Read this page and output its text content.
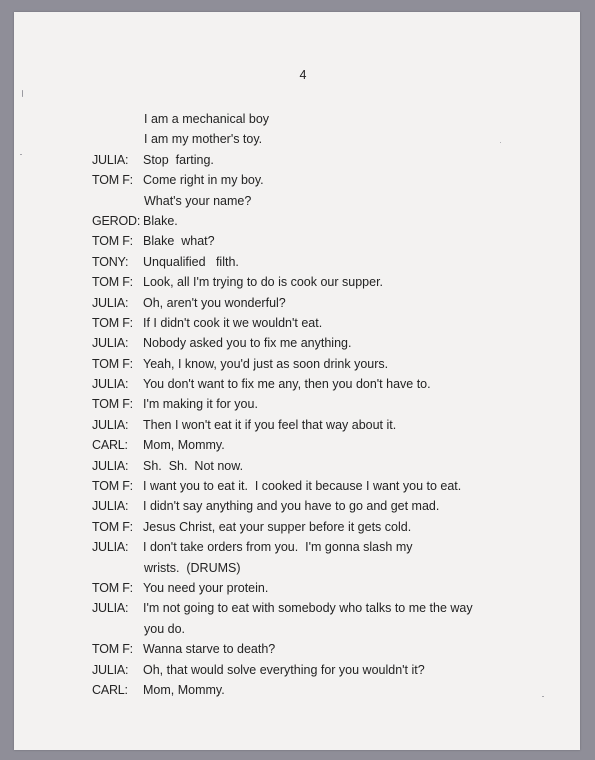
4
I am a mechanical boy
I am my mother's toy.
JULIA:	Stop  farting.
TOM F: Come right in my boy.
What's your name?
GEROD: Blake.
TOM F: Blake  what?
TONY:	Unqualified   filth.
TOM F: Look, all I'm trying to do is cook our supper.
JULIA:	Oh, aren't you wonderful?
TOM F: If I didn't cook it we wouldn't eat.
JULIA:	Nobody asked you to fix me anything.
TOM F: Yeah, I know, you'd just as soon drink yours.
JULIA:	You don't want to fix me any, then you don't have to.
TOM F: I'm making it for you.
JULIA:	Then I won't eat it if you feel that way about it.
CARL:	Mom, Mommy.
JULIA:	Sh.  Sh.  Not now.
TOM F: I want you to eat it.  I cooked it because I want you to eat.
JULIA:	I didn't say anything and you have to go and get mad.
TOM F: Jesus Christ, eat your supper before it gets cold.
JULIA:	I don't take orders from you.  I'm gonna slash my
wrists.  (DRUMS)
TOM F: You need your protein.
JULIA:	I'm not going to eat with somebody who talks to me the way
you do.
TOM F: Wanna starve to death?
JULIA:	Oh, that would solve everything for you wouldn't it?
CARL:	Mom, Mommy.
